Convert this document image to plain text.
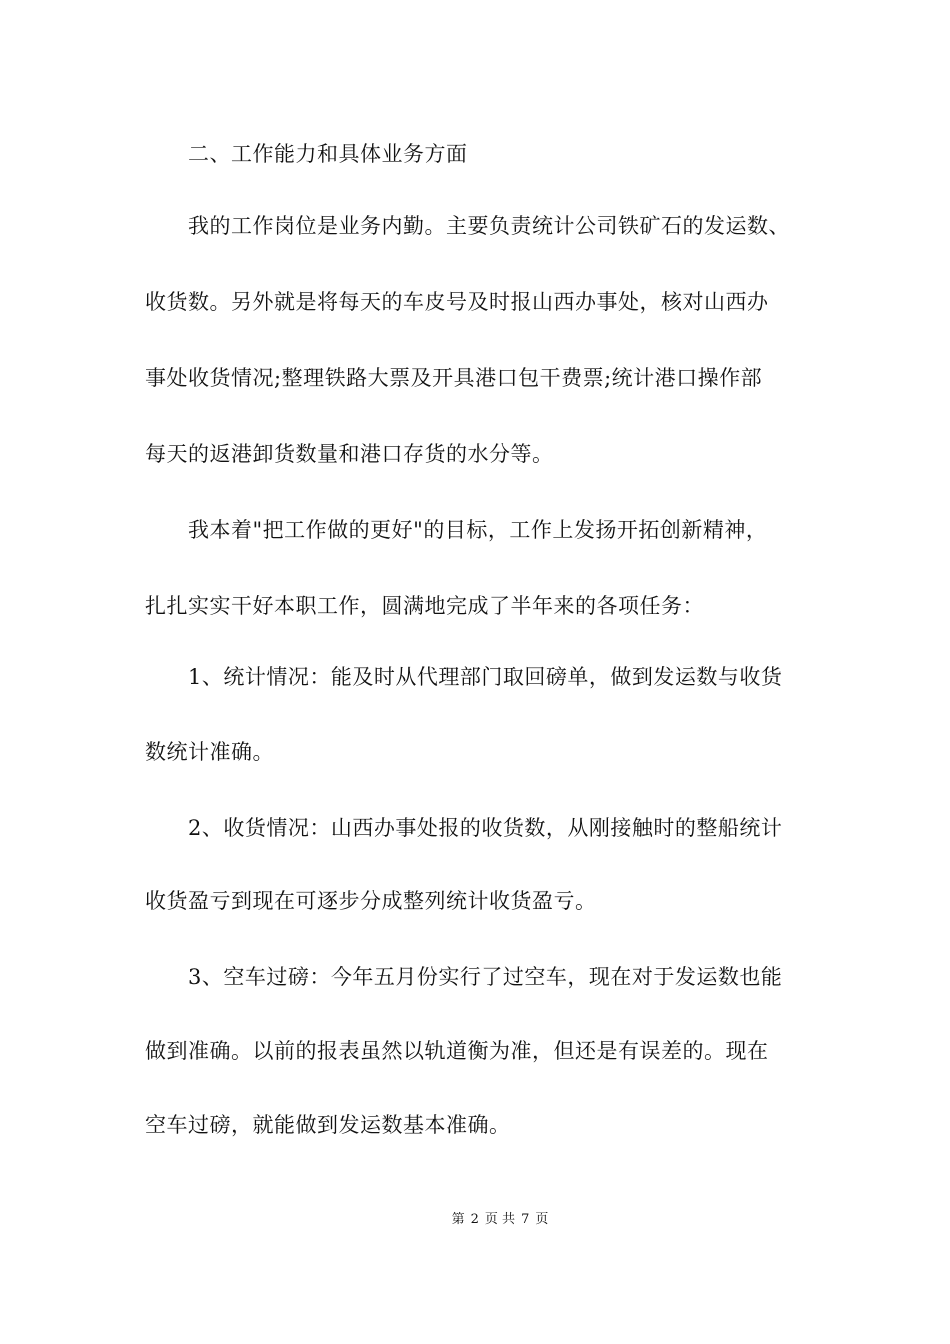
二、工作能力和具体业务方面
我的工作岗位是业务内勤。主要负责统计公司铁矿石的发运数、
收货数。另外就是将每天的车皮号及时报山西办事处，核对山西办
事处收货情况;整理铁路大票及开具港口包干费票;统计港口操作部
每天的返港卸货数量和港口存货的水分等。
我本着"把工作做的更好"的目标，工作上发扬开拓创新精神，
扎扎实实干好本职工作，圆满地完成了半年来的各项任务：
1、统计情况：能及时从代理部门取回磅单，做到发运数与收货
数统计准确。
2、收货情况：山西办事处报的收货数，从刚接触时的整船统计
收货盈亏到现在可逐步分成整列统计收货盈亏。
3、空车过磅：今年五月份实行了过空车，现在对于发运数也能
做到准确。以前的报表虽然以轨道衡为准，但还是有误差的。现在
空车过磅，就能做到发运数基本准确。
第 2 页 共 7 页
